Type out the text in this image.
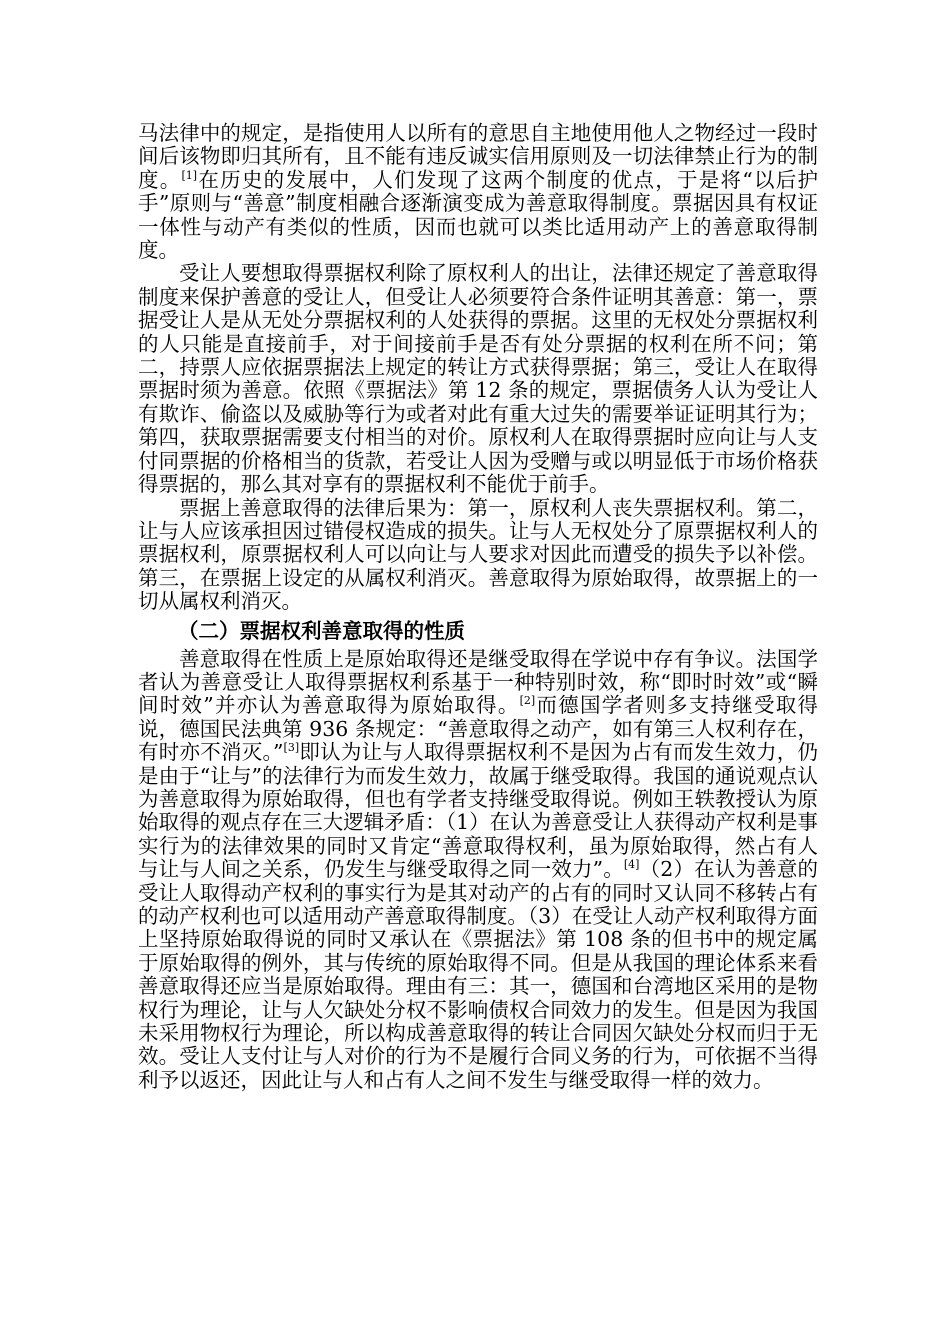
马法律中的规定，是指使用人以所有的意思自主地使用他人之物经过一段时间后该物即归其所有，且不能有违反诚实信用原则及一切法律禁止行为的制度。[1]在历史的发展中，人们发现了这两个制度的优点，于是将“以后护手”原则与“善意”制度相融合逐渐演变成为善意取得制度。票据因具有权证一体性与动产有类似的性质，因而也就可以类比适用动产上的善意取得制度。

受让人要想取得票据权利除了原权利人的出让，法律还规定了善意取得制度来保护善意的受让人，但受让人必须要符合条件证明其善意：第一，票据受让人是从无处分票据权利的人处获得的票据。这里的无权处分票据权利的人只能是直接前手，对于间接前手是否有处分票据的权利在所不问；第二，持票人应依据票据法上规定的转让方式获得票据；第三，受让人在取得票据时须为善意。依照《票据法》第 12 条的规定，票据债务人认为受让人有欺诈、偷盗以及威胁等行为或者对此有重大过失的需要举证证明其行为；第四，获取票据需要支付相当的对价。原权利人在取得票据时应向让与人支付同票据的价格相当的货款，若受让人因为受赠与或以明显低于市场价格获得票据的，那么其对享有的票据权利不能优于前手。

票据上善意取得的法律后果为：第一，原权利人丧失票据权利。第二，让与人应该承担因过错侵权造成的损失。让与人无权处分了原票据权利人的票据权利，原票据权利人可以向让与人要求对因此而遭受的损失予以补偿。第三，在票据上设定的从属权利消灭。善意取得为原始取得，故票据上的一切从属权利消灭。

（二）票据权利善意取得的性质

善意取得在性质上是原始取得还是继受取得在学说中存有争议。法国学者认为善意受让人取得票据权利系基于一种特别时效，称“即时时效”或“瞬间时效”并亦认为善意取得为原始取得。[2]而德国学者则多支持继受取得说，德国民法典第 936 条规定：“善意取得之动产，如有第三人权利存在，有时亦不消灭。”[3]即认为让与人取得票据权利不是因为占有而发生效力，仍是由于“让与”的法律行为而发生效力，故属于继受取得。我国的通说观点认为善意取得为原始取得，但也有学者支持继受取得说。例如王轶教授认为原始取得的观点存在三大逻辑矛盾：（1）在认为善意受让人获得动产权利是事实行为的法律效果的同时又肯定“善意取得权利，虽为原始取得，然占有人与让与人间之关系，仍发生与继受取得之同一效力”。[4]（2）在认为善意的受让人取得动产权利的事实行为是其对动产的占有的同时又认同不移转占有的动产权利也可以适用动产善意取得制度。（3）在受让人动产权利取得方面上坚持原始取得说的同时又承认在《票据法》第 108 条的但书中的规定属于原始取得的例外，其与传统的原始取得不同。但是从我国的理论体系来看善意取得还应当是原始取得。理由有三：其一，德国和台湾地区采用的是物权行为理论，让与人欠缺处分权不影响债权合同效力的发生。但是因为我国未采用物权行为理论，所以构成善意取得的转让合同因欠缺处分权而归于无效。受让人支付让与人对价的行为不是履行合同义务的行为，可依据不当得利予以返还，因此让与人和占有人之间不发生与继受取得一样的效力。
